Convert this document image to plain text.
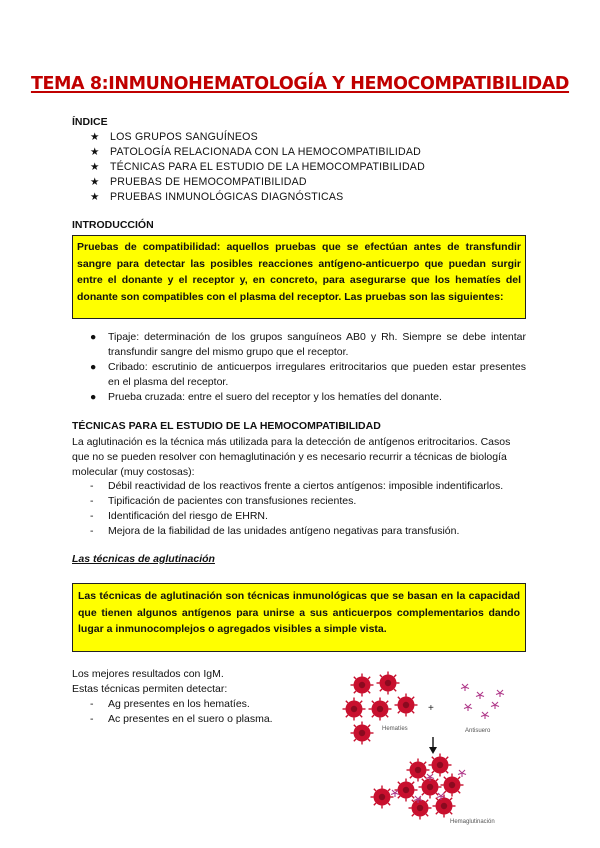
TEMA 8:INMUNOHEMATOLOGÍA Y HEMOCOMPATIBILIDAD
ÍNDICE
★ LOS GRUPOS SANGUÍNEOS
★ PATOLOGÍA RELACIONADA CON LA HEMOCOMPATIBILIDAD
★ TÉCNICAS PARA EL ESTUDIO DE LA HEMOCOMPATIBILIDAD
★ PRUEBAS DE HEMOCOMPATIBILIDAD
★ PRUEBAS INMUNOLÓGICAS DIAGNÓSTICAS
INTRODUCCIÓN
Pruebas de compatibilidad: aquellos pruebas que se efectúan antes de transfundir sangre para detectar las posibles reacciones antígeno-anticuerpo que puedan surgir entre el donante y el receptor y, en concreto, para asegurarse que los hematíes del donante son compatibles con el plasma del receptor. Las pruebas son las siguientes:
● Tipaje: determinación de los grupos sanguíneos AB0 y Rh. Siempre se debe intentar transfundir sangre del mismo grupo que el receptor.
● Cribado: escrutinio de anticuerpos irregulares eritrocitarios que pueden estar presentes en el plasma del receptor.
● Prueba cruzada: entre el suero del receptor y los hematíes del donante.
TÉCNICAS PARA EL ESTUDIO DE LA HEMOCOMPATIBILIDAD
La aglutinación es la técnica más utilizada para la detección de antígenos eritrocitarios. Casos que no se pueden resolver con hemaglutinación y es necesario recurrir a técnicas de biología molecular (muy costosas):
- Débil reactividad de los reactivos frente a ciertos antígenos: imposible indentificarlos.
- Tipificación de pacientes con transfusiones recientes.
- Identificación del riesgo de EHRN.
- Mejora de la fiabilidad de las unidades antígeno negativas para transfusión.
Las técnicas de aglutinación
Las técnicas de aglutinación son técnicas inmunológicas que se basan en la capacidad que tienen algunos antígenos para unirse a sus anticuerpos complementarios dando lugar a inmunocomplejos o agregados visibles a simple vista.
Los mejores resultados con IgM.
Estas técnicas permiten detectar:
- Ag presentes en los hematíes.
- Ac presentes en el suero o plasma.
Hematíes
+
Antisuero
Hemaglutinación
